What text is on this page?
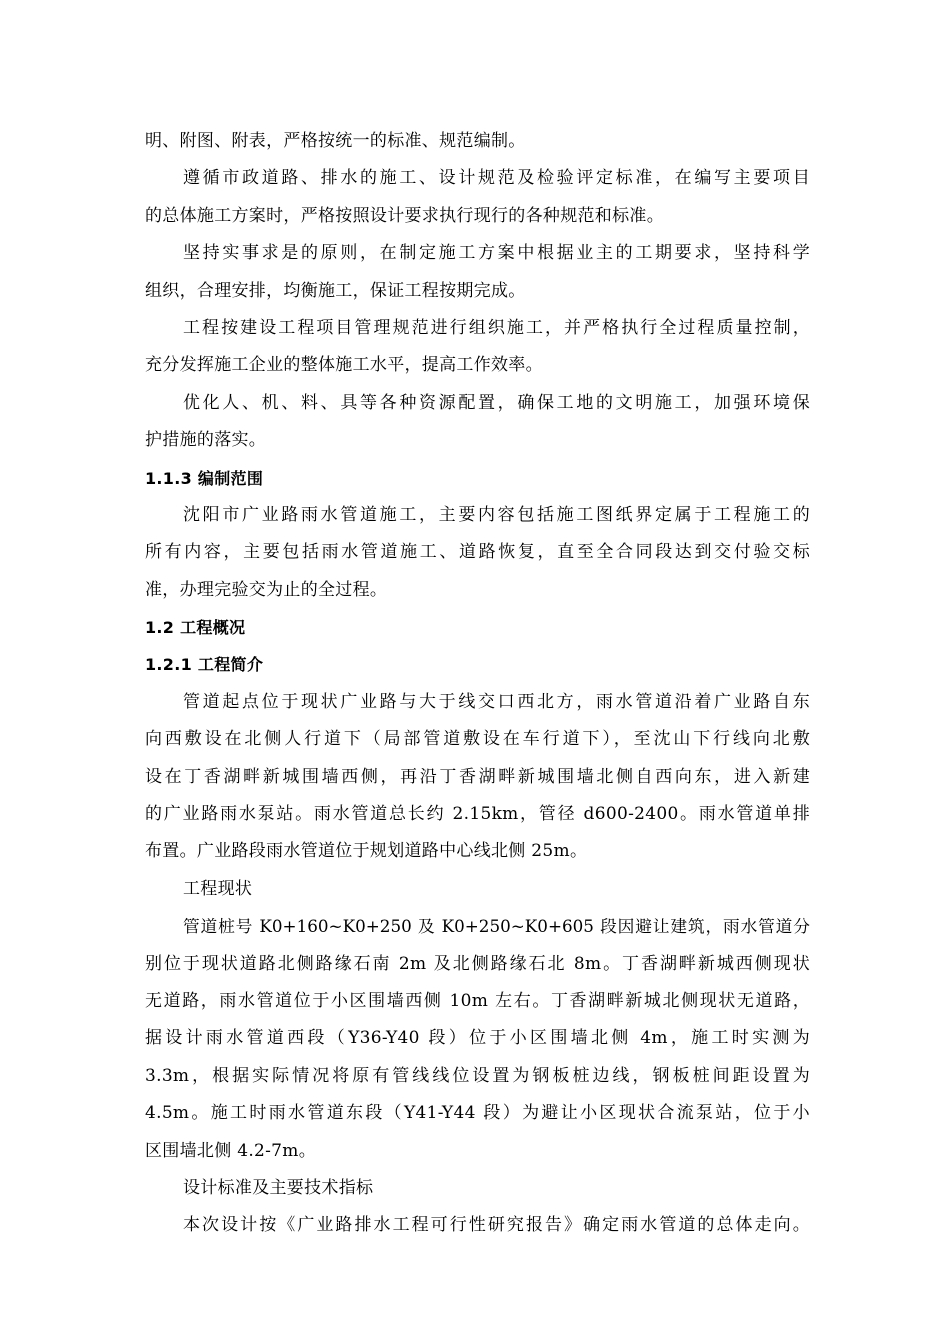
明、附图、附表，严格按统一的标准、规范编制。
遵循市政道路、排水的施工、设计规范及检验评定标准，在编写主要项目
的总体施工方案时，严格按照设计要求执行现行的各种规范和标准。
坚持实事求是的原则，在制定施工方案中根据业主的工期要求，坚持科学
组织，合理安排，均衡施工，保证工程按期完成。
工程按建设工程项目管理规范进行组织施工，并严格执行全过程质量控制，
充分发挥施工企业的整体施工水平，提高工作效率。
优化人、机、料、具等各种资源配置，确保工地的文明施工，加强环境保
护措施的落实。
1.1.3 编制范围
沈阳市广业路雨水管道施工，主要内容包括施工图纸界定属于工程施工的
所有内容，主要包括雨水管道施工、道路恢复，直至全合同段达到交付验交标
准，办理完验交为止的全过程。
1.2 工程概况
1.2.1 工程简介
管道起点位于现状广业路与大于线交口西北方，雨水管道沿着广业路自东
向西敷设在北侧人行道下（局部管道敷设在车行道下），至沈山下行线向北敷
设在丁香湖畔新城围墙西侧，再沿丁香湖畔新城围墙北侧自西向东，进入新建
的广业路雨水泵站。雨水管道总长约 2.15km，管径 d600-2400。雨水管道单排
布置。广业路段雨水管道位于规划道路中心线北侧 25m。
工程现状
管道桩号 K0+160~K0+250 及 K0+250~K0+605 段因避让建筑，雨水管道分
别位于现状道路北侧路缘石南 2m 及北侧路缘石北 8m。丁香湖畔新城西侧现状
无道路，雨水管道位于小区围墙西侧 10m 左右。丁香湖畔新城北侧现状无道路，
据设计雨水管道西段（Y36-Y40 段）位于小区围墙北侧 4m，施工时实测为
3.3m，根据实际情况将原有管线线位设置为钢板桩边线，钢板桩间距设置为
4.5m。施工时雨水管道东段（Y41-Y44 段）为避让小区现状合流泵站，位于小
区围墙北侧 4.2-7m。
设计标准及主要技术指标
本次设计按《广业路排水工程可行性研究报告》确定雨水管道的总体走向。
